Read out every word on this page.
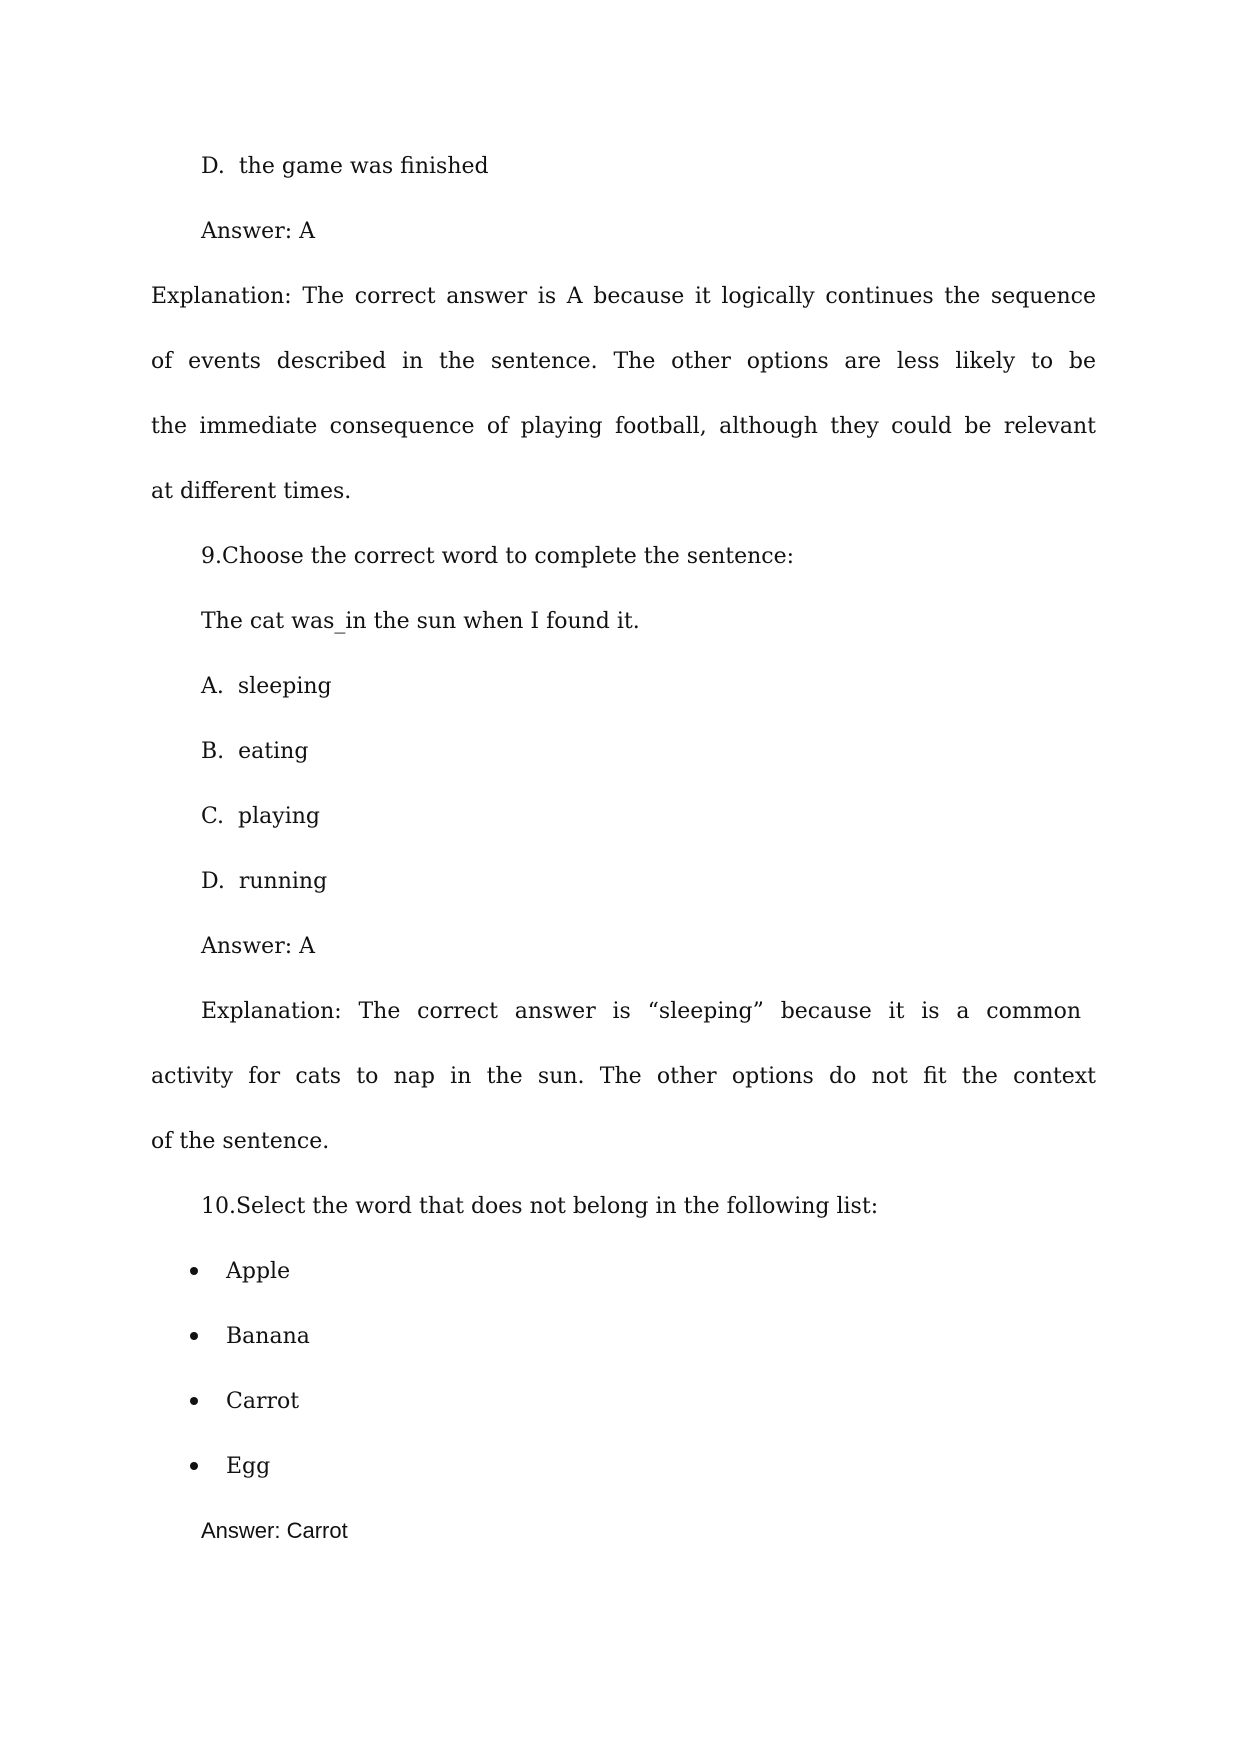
D.  the game was finished
Answer: A
Explanation: The correct answer is A because it logically continues the sequence
of events described in the sentence. The other options are less likely to be
the immediate consequence of playing football, although they could be relevant
at different times.
9.Choose the correct word to complete the sentence:
The cat was_in the sun when I found it.
A.  sleeping
B.  eating
C.  playing
D.  running
Answer: A
Explanation: The correct answer is “sleeping” because it is a common
activity for cats to nap in the sun. The other options do not fit the context
of the sentence.
10.Select the word that does not belong in the following list:
Apple
Banana
Carrot
Egg
Answer: Carrot
